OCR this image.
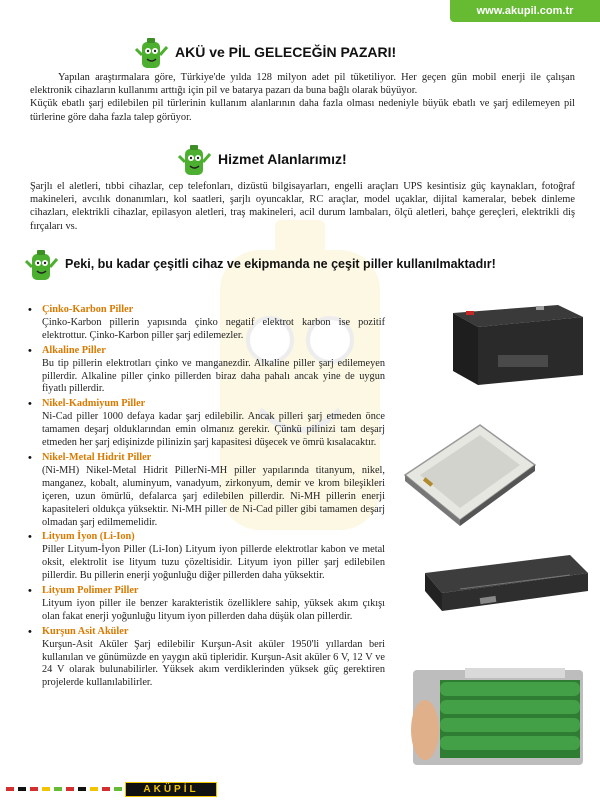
www.akupil.com.tr
AKÜ ve PİL GELECEĞİN PAZARI!

Yapılan araştırmalara göre, Türkiye'de yılda 128 milyon adet pil tüketiliyor. Her geçen gün mobil enerji ile çalışan elektronik cihazların kullanımı arttığı için pil ve batarya pazarı da buna bağlı olarak büyüyor.

Küçük ebatlı şarj edilebilen pil türlerinin kullanım alanlarının daha fazla olması nedeniyle büyük ebatlı ve şarj edilemeyen pil türlerine göre daha fazla talep görüyor.

Hizmet Alanlarımız!

Şarjlı el aletleri, tıbbi cihazlar, cep telefonları, dizüstü bilgisayarları, engelli araçları UPS kesintisiz güç kaynakları, fotoğraf makineleri, avcılık donanımları, kol saatleri, şarjlı oyuncaklar, RC araçlar, model uçaklar, dijital kameralar, bebek dinleme cihazları, elektrikli cihazlar, epilasyon aletleri, traş makineleri, acil durum lambaları, ölçü aletleri, bahçe gereçleri, elektrikli diş fırçaları vs.

Peki, bu kadar çeşitli cihaz ve ekipmanda ne çeşit piller kullanılmaktadır!
• Çinko-Karbon Piller
Çinko-Karbon pillerin yapısında çinko negatif elektrot karbon ise pozitif elektrottur. Çinko-Karbon piller şarj edilemezler.
• Alkaline Piller
Bu tip pillerin elektrotları çinko ve manganezdir. Alkaline piller şarj edilemeyen pillerdir. Alkaline piller çinko pillerden biraz daha pahalı ancak yine de uygun fiyatlı pillerdir.
• Nikel-Kadmiyum Piller
Ni-Cad piller 1000 defaya kadar şarj edilebilir. Ancak pilleri şarj etmeden önce tamamen deşarj olduklarından emin olmanız gerekir. Çünkü pilinizi tam deşarj etmeden her şarj edişinizde pilinizin şarj kapasitesi düşecek ve ömrü kısalacaktır.
• Nikel-Metal Hidrit Piller
(Ni-MH) Nikel-Metal Hidrit PillerNi-MH piller yapılarında titanyum, nikel, manganez, kobalt, aluminyum, vanadyum, zirkonyum, demir ve krom bileşikleri içeren, uzun ömürlü, defalarca şarj edilebilen pillerdir. Ni-MH pillerin enerji kapasiteleri oldukça yüksektir. Ni-MH piller de Ni-Cad piller gibi tamamen deşarj olmadan şarj edilmemelidir.
• Lityum İyon (Li-Ion)
Piller Lityum-İyon Piller (Li-Ion) Lityum iyon pillerde elektrotlar kabon ve metal oksit, elektrolit ise lityum tuzu çözeltisidir. Lityum iyon piller şarj edilebilen pillerdir. Bu pillerin enerji yoğunluğu diğer pillerden daha yüksektir.
• Lityum Polimer Piller
Lityum iyon piller ile benzer karakteristik özelliklere sahip, yüksek akım çıkışı olan fakat enerji yoğunluğu lityum iyon pillerden daha düşük olan pillerdir.
• Kurşun Asit Aküler
Kurşun-Asit Aküler Şarj edilebilir Kurşun-Asit aküler 1950'li yıllardan beri kullanılan ve günümüzde en yaygın akü tipleridir. Kurşun-Asit aküler 6 V, 12 V ve 24 V olarak bulunabilirler. Yüksek akım verdiklerinden yüksek güç gerektiren projelerde kullanılabilirler.
AKÜPİL
